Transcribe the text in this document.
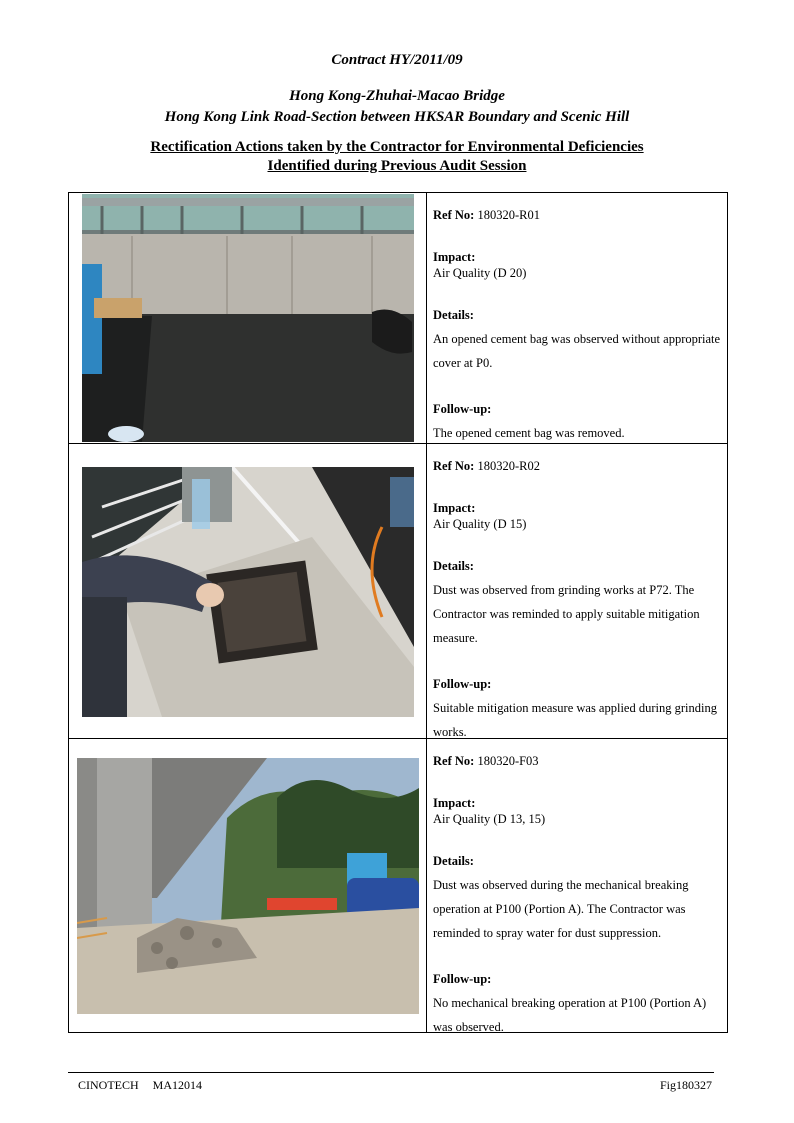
Contract HY/2011/09
Hong Kong-Zhuhai-Macao Bridge
Hong Kong Link Road-Section between HKSAR Boundary and Scenic Hill
Rectification Actions taken by the Contractor for Environmental Deficiencies
Identified during Previous Audit Session
Ref No: 180320-R01
Impact:
Air Quality (D 20)
Details:
An opened cement bag was observed without appropriate cover at P0.
Follow-up:
The opened cement bag was removed.
Ref No: 180320-R02
Impact:
Air Quality (D 15)
Details:
Dust was observed from grinding works at P72. The Contractor was reminded to apply suitable mitigation measure.
Follow-up:
Suitable mitigation measure was applied during grinding works.
Ref No: 180320-F03
Impact:
Air Quality (D 13, 15)
Details:
Dust was observed during the mechanical breaking operation at P100 (Portion A). The Contractor was reminded to spray water for dust suppression.
Follow-up:
No mechanical breaking operation at P100 (Portion A) was observed.
CINOTECH MA12014	Fig180327
